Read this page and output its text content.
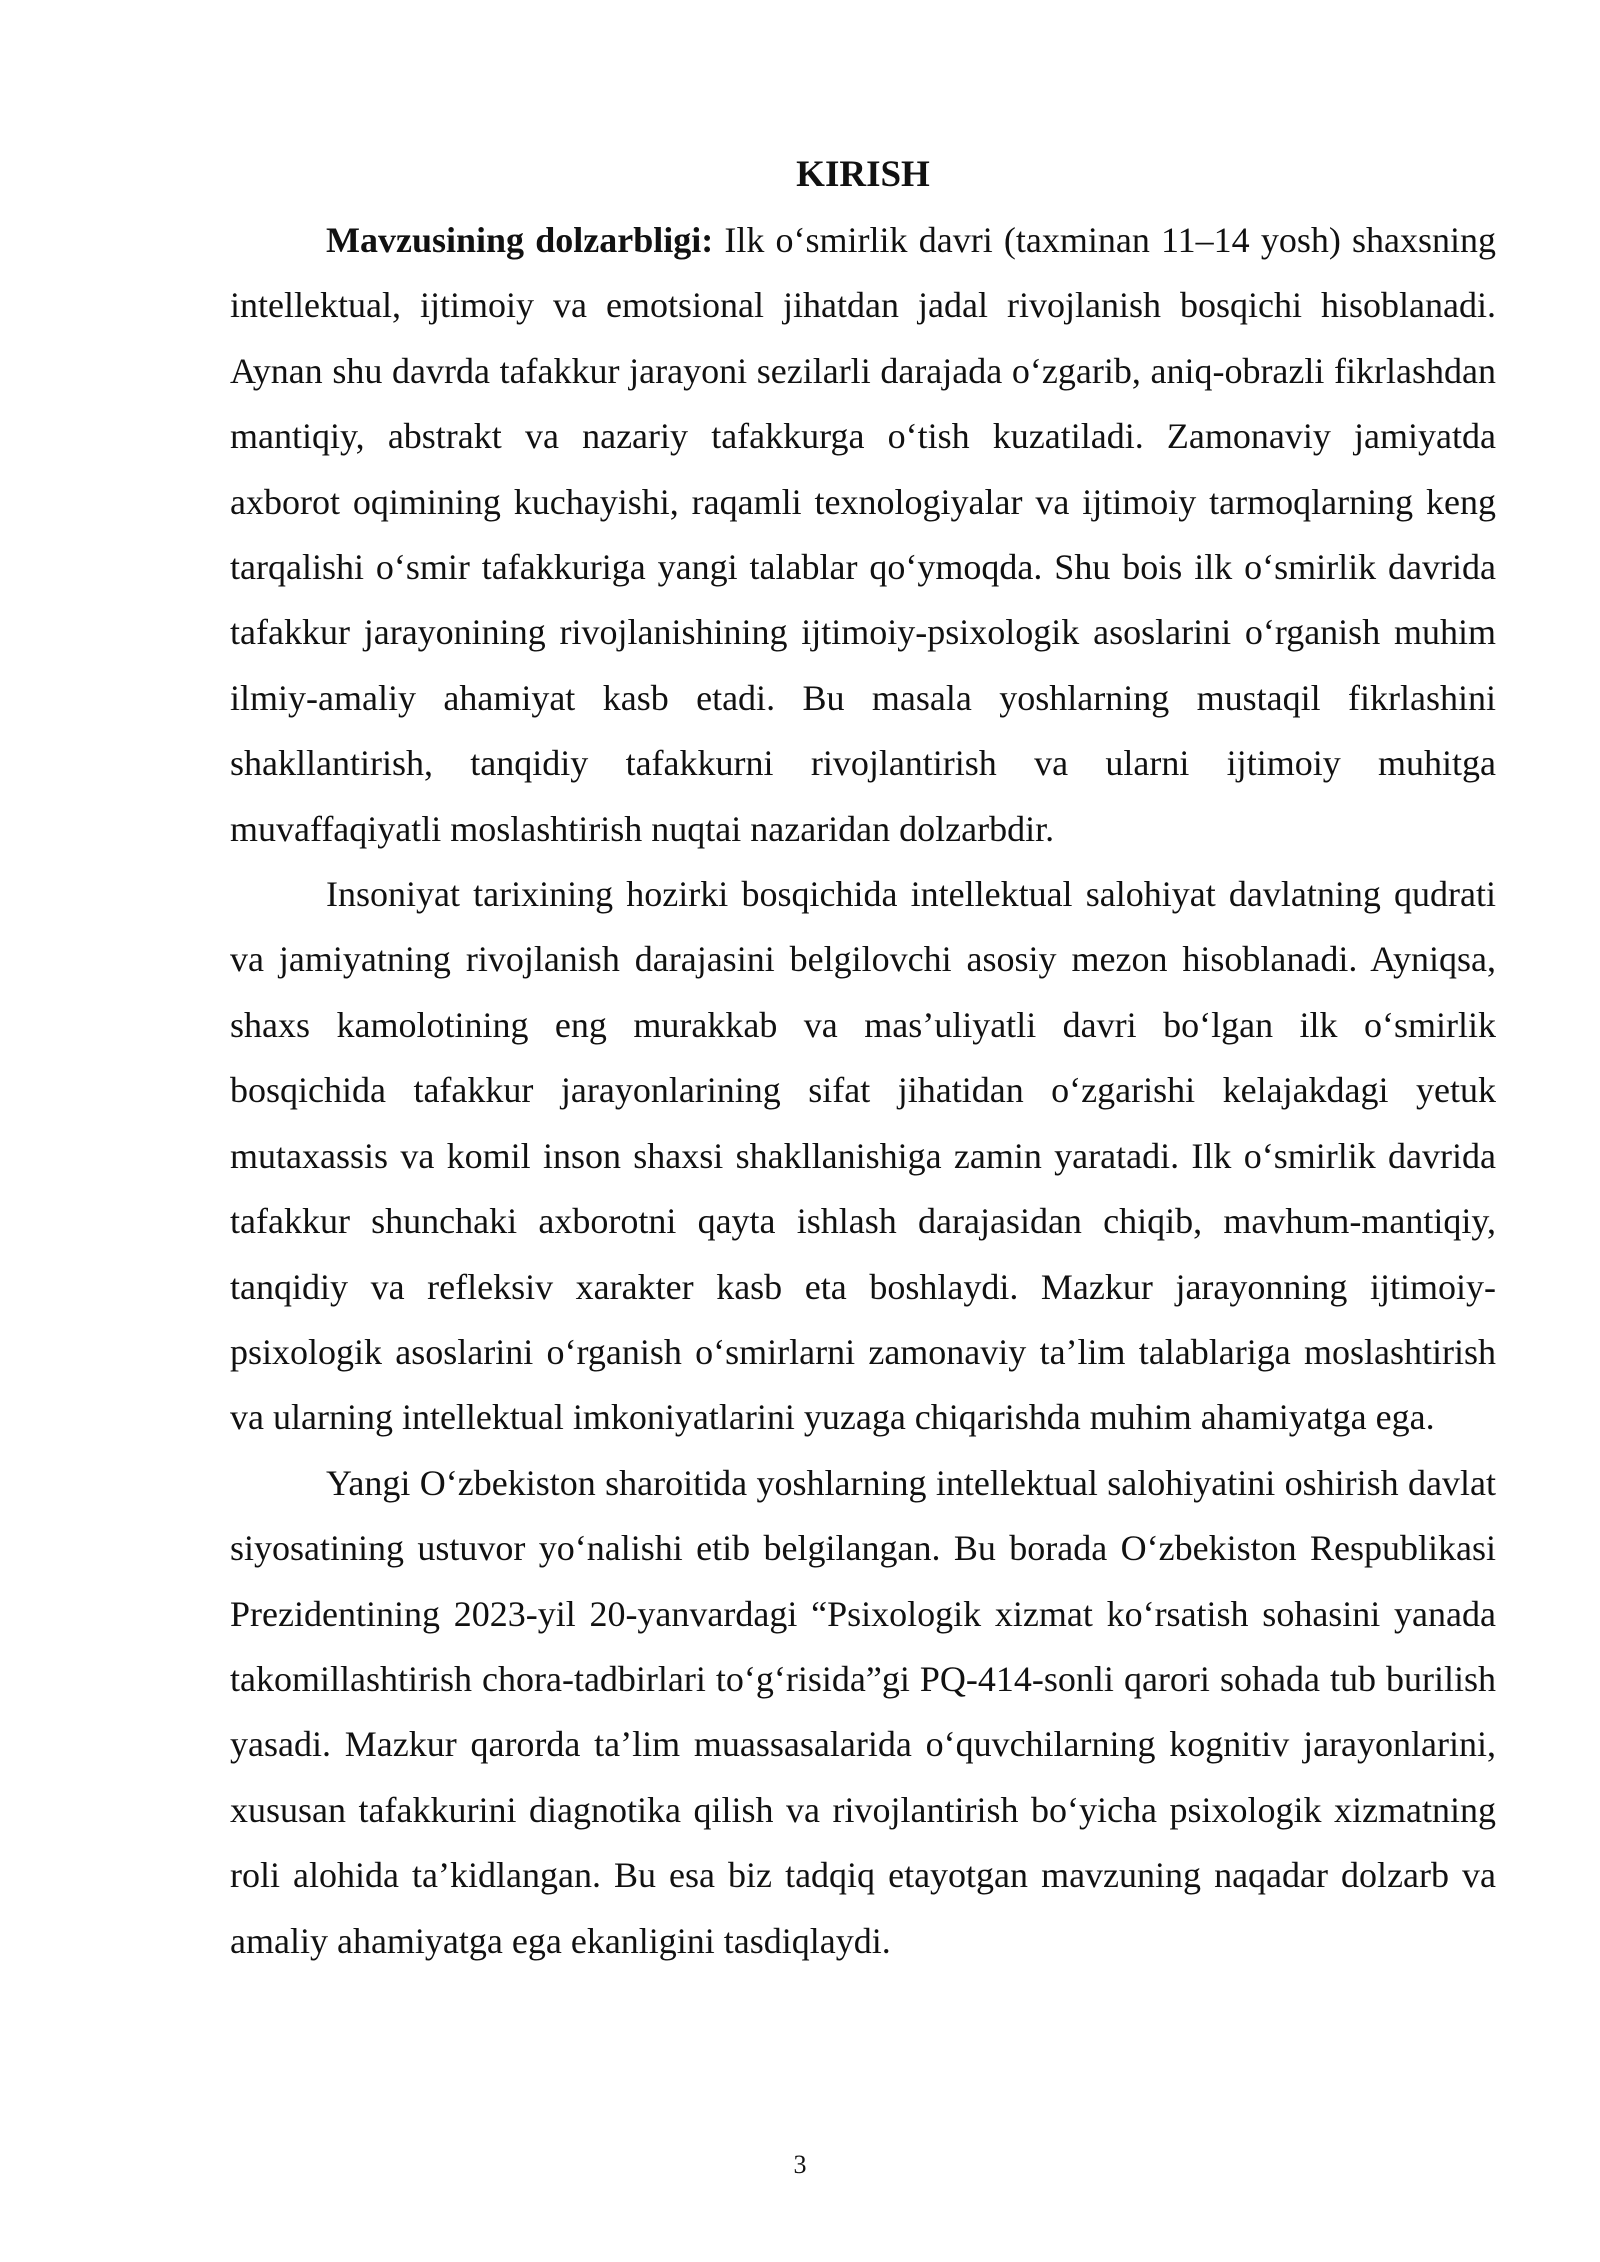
KIRISH

Mavzusining dolzarbligi: Ilk o‘smirlik davri (taxminan 11–14 yosh) shaxsning intellektual, ijtimoiy va emotsional jihatdan jadal rivojlanish bosqichi hisoblanadi. Aynan shu davrda tafakkur jarayoni sezilarli darajada o‘zgarib, aniq-obrazli fikrlashdan mantiqiy, abstrakt va nazariy tafakkurga o‘tish kuzatiladi. Zamonaviy jamiyatda axborot oqimining kuchayishi, raqamli texnologiyalar va ijtimoiy tarmoqlarning keng tarqalishi o‘smir tafakkuriga yangi talablar qo‘ymoqda. Shu bois ilk o‘smirlik davrida tafakkur jarayonining rivojlanishining ijtimoiy-psixologik asoslarini o‘rganish muhim ilmiy-amaliy ahamiyat kasb etadi. Bu masala yoshlarning mustaqil fikrlashini shakllantirish, tanqidiy tafakkurni rivojlantirish va ularni ijtimoiy muhitga muvaffaqiyatli moslashtirish nuqtai nazaridan dolzarbdir.

Insoniyat tarixining hozirki bosqichida intellektual salohiyat davlatning qudrati va jamiyatning rivojlanish darajasini belgilovchi asosiy mezon hisoblanadi. Ayniqsa, shaxs kamolotining eng murakkab va mas’uliyatli davri bo‘lgan ilk o‘smirlik bosqichida tafakkur jarayonlarining sifat jihatidan o‘zgarishi kelajakdagi yetuk mutaxassis va komil inson shaxsi shakllanishiga zamin yaratadi. Ilk o‘smirlik davrida tafakkur shunchaki axborotni qayta ishlash darajasidan chiqib, mavhum-mantiqiy, tanqidiy va refleksiv xarakter kasb eta boshlaydi. Mazkur jarayonning ijtimoiy-psixologik asoslarini o‘rganish o‘smirlarni zamonaviy ta’lim talablariga moslashtirish va ularning intellektual imkoniyatlarini yuzaga chiqarishda muhim ahamiyatga ega.

Yangi O‘zbekiston sharoitida yoshlarning intellektual salohiyatini oshirish davlat siyosatining ustuvor yo‘nalishi etib belgilangan. Bu borada O‘zbekiston Respublikasi Prezidentining 2023-yil 20-yanvardagi “Psixologik xizmat ko‘rsatish sohasini yanada takomillashtirish chora-tadbirlari to‘g‘risida”gi PQ-414-sonli qarori sohada tub burilish yasadi. Mazkur qarorda ta’lim muassasalarida o‘quvchilarning kognitiv jarayonlarini, xususan tafakkurini diagnotika qilish va rivojlantirish bo‘yicha psixologik xizmatning roli alohida ta’kidlangan. Bu esa biz tadqiq etayotgan mavzuning naqadar dolzarb va amaliy ahamiyatga ega ekanligini tasdiqlaydi.

3
